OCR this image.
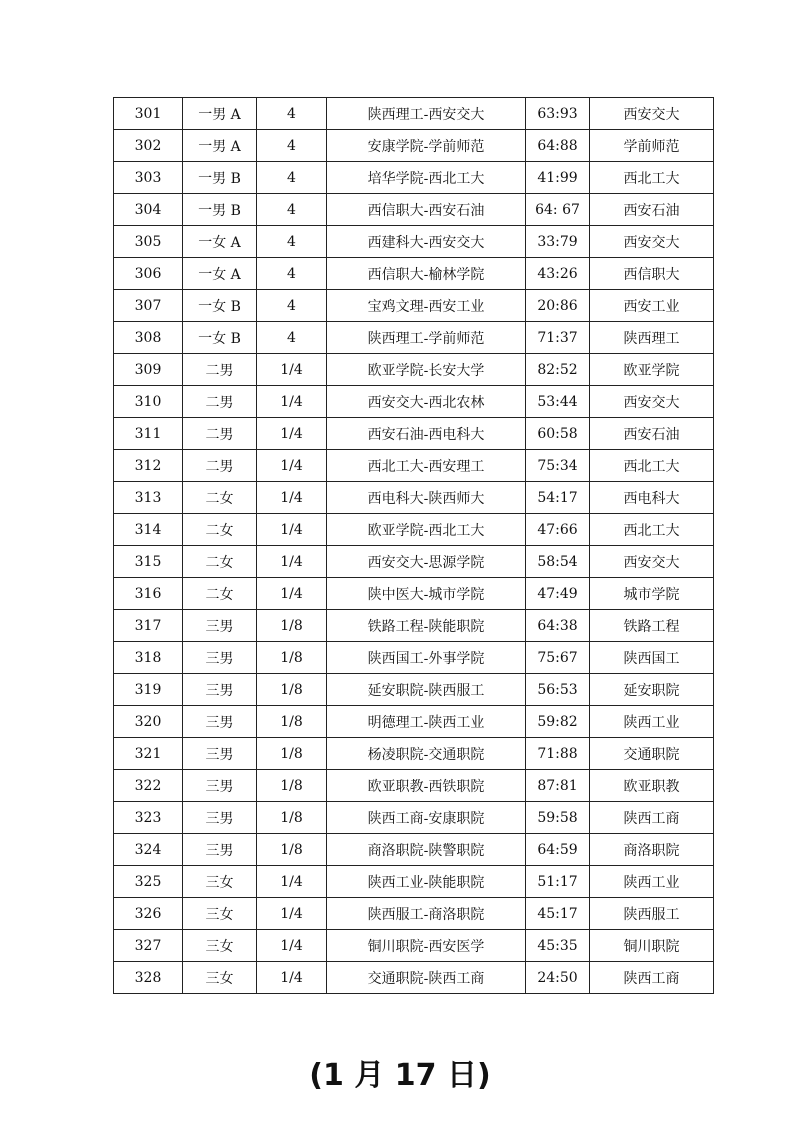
301	一男 A	4	陕西理工-西安交大	63:93	西安交大
302	一男 A	4	安康学院-学前师范	64:88	学前师范
303	一男 B	4	培华学院-西北工大	41:99	西北工大
304	一男 B	4	西信职大-西安石油	64: 67	西安石油
305	一女 A	4	西建科大-西安交大	33:79	西安交大
306	一女 A	4	西信职大-榆林学院	43:26	西信职大
307	一女 B	4	宝鸡文理-西安工业	20:86	西安工业
308	一女 B	4	陕西理工-学前师范	71:37	陕西理工
309	二男	1/4	欧亚学院-长安大学	82:52	欧亚学院
310	二男	1/4	西安交大-西北农林	53:44	西安交大
311	二男	1/4	西安石油-西电科大	60:58	西安石油
312	二男	1/4	西北工大-西安理工	75:34	西北工大
313	二女	1/4	西电科大-陕西师大	54:17	西电科大
314	二女	1/4	欧亚学院-西北工大	47:66	西北工大
315	二女	1/4	西安交大-思源学院	58:54	西安交大
316	二女	1/4	陕中医大-城市学院	47:49	城市学院
317	三男	1/8	铁路工程-陕能职院	64:38	铁路工程
318	三男	1/8	陕西国工-外事学院	75:67	陕西国工
319	三男	1/8	延安职院-陕西服工	56:53	延安职院
320	三男	1/8	明德理工-陕西工业	59:82	陕西工业
321	三男	1/8	杨凌职院-交通职院	71:88	交通职院
322	三男	1/8	欧亚职教-西铁职院	87:81	欧亚职教
323	三男	1/8	陕西工商-安康职院	59:58	陕西工商
324	三男	1/8	商洛职院-陕警职院	64:59	商洛职院
325	三女	1/4	陕西工业-陕能职院	51:17	陕西工业
326	三女	1/4	陕西服工-商洛职院	45:17	陕西服工
327	三女	1/4	铜川职院-西安医学	45:35	铜川职院
328	三女	1/4	交通职院-陕西工商	24:50	陕西工商
(1 月 17 日)
